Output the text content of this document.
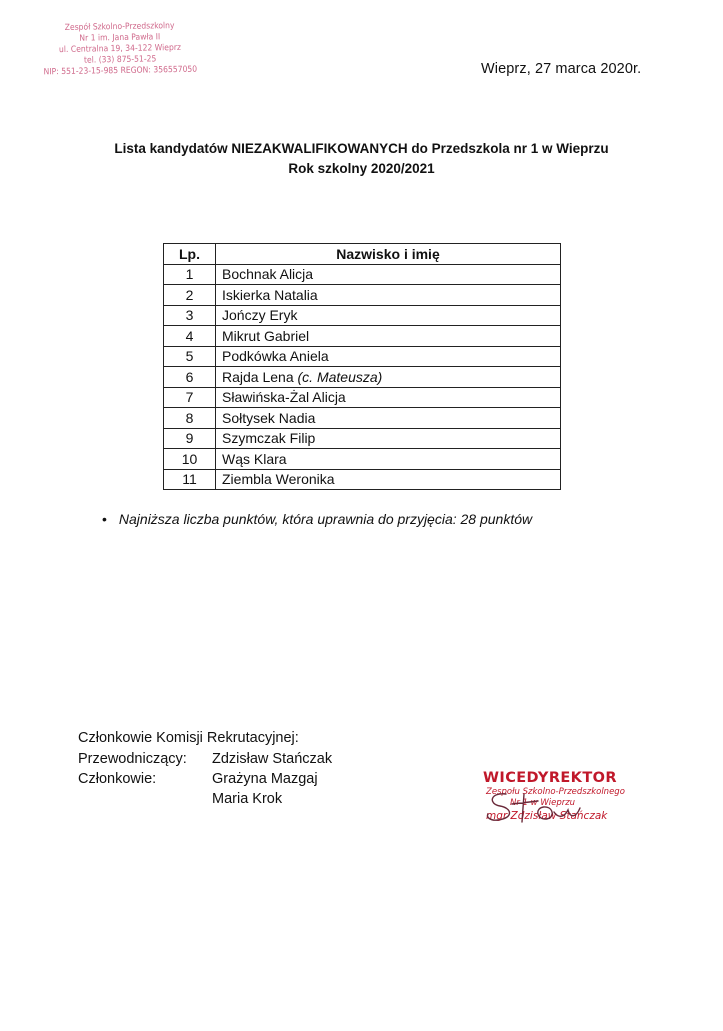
Zespół Szkolno-Przedszkolny
Nr 1 im. Jana Pawła II
ul. Centralna 19, 34-122 Wieprz
tel. (33) 875-51-25
NIP: 551-23-15-985 REGON: 356557050	Wieprz, 27 marca 2020r.
Lista kandydatów NIEZAKWALIFIKOWANYCH do Przedszkola nr 1 w Wieprzu
Rok szkolny 2020/2021
Lp.	Nazwisko i imię
1	Bochnak Alicja
2	Iskierka Natalia
3	Jończy Eryk
4	Mikrut Gabriel
5	Podkówka Aniela
6	Rajda Lena (c. Mateusza)
7	Sławińska-Żal Alicja
8	Sołtysek Nadia
9	Szymczak Filip
10	Wąs Klara
11	Ziembla Weronika
• Najniższa liczba punktów, która uprawnia do przyjęcia: 28 punktów
Członkowie Komisji Rekrutacyjnej:
Przewodniczący: Zdzisław Stańczak
Członkowie:	Grażyna Mazgaj
Maria Krok
WICEDYREKTOR
Zespołu Szkolno-Przedszkolnego
Nr 1 w Wieprzu
mgr Zdzisław Stańczak
